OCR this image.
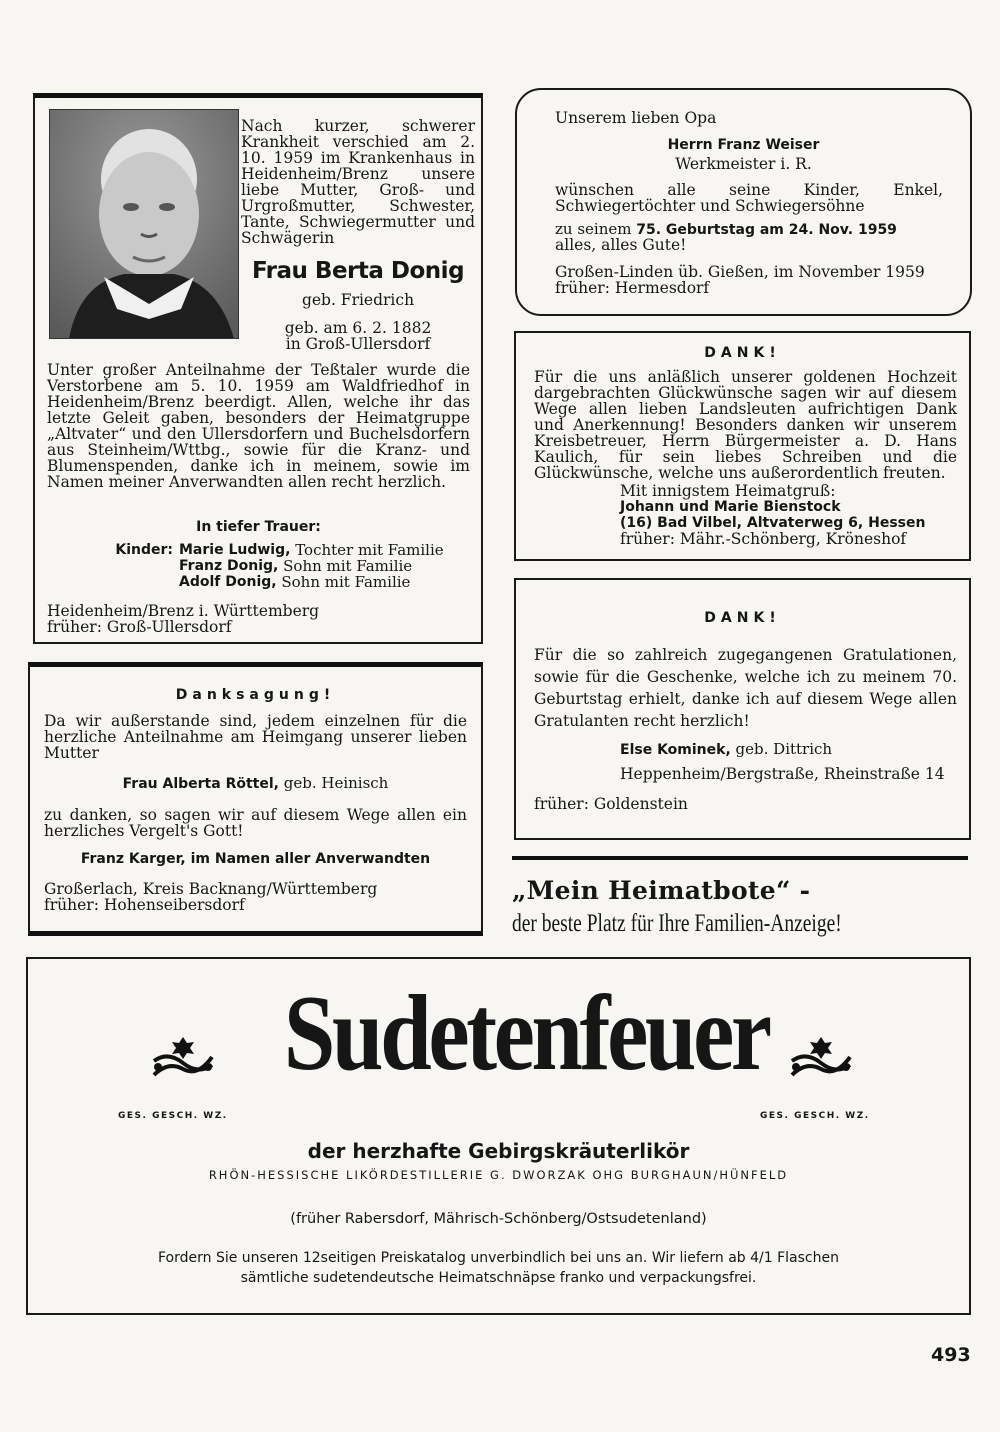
Nach kurzer, schwerer Krankheit verschied am 2. 10. 1959 im Krankenhaus in Heidenheim/Brenz unsere liebe Mutter, Groß- und Urgroßmutter, Schwester, Tante, Schwiegermutter und Schwägerin

Frau Berta Donig

geb. Friedrich

geb. am 6. 2. 1882
in Groß-Ullersdorf

Unter großer Anteilnahme der Teßtaler wurde die Verstorbene am 5. 10. 1959 am Waldfriedhof in Heidenheim/Brenz beerdigt. Allen, welche ihr das letzte Geleit gaben, besonders der Heimatgruppe „Altvater“ und den Ullersdorfern und Buchelsdorfern aus Steinheim/Wttbg., sowie für die Kranz- und Blumenspenden, danke ich in meinem, sowie im Namen meiner Anverwandten allen recht herzlich.

In tiefer Trauer:

Kinder: Marie Ludwig,
Tochter mit Familie
Franz Donig,
Sohn mit Familie
Adolf Donig,
Sohn mit Familie
Heidenheim/Brenz i. Württemberg
früher: Groß-Ullersdorf

Danksagung!

Da wir außerstande sind, jedem einzelnen für die herzliche Anteilnahme am Heimgang unserer lieben Mutter

Frau Alberta Röttel, geb. Heinisch

zu danken, so sagen wir auf diesem Wege allen ein herzliches Vergelt's Gott!

Franz Karger, im Namen aller Anverwandten

Großerlach, Kreis Backnang/Württemberg
früher: Hohenseibersdorf

Unserem lieben Opa

Herrn Franz Weiser

Werkmeister i. R.

wünschen alle seine Kinder, Enkel, Schwiegertöchter und Schwiegersöhne

zu seinem 75. Geburtstag am 24. Nov. 1959

alles, alles Gute!

Großen-Linden üb. Gießen, im November 1959
früher: Hermesdorf

DANK!

Für die uns anläßlich unserer goldenen Hochzeit dargebrachten Glückwünsche sagen wir auf diesem Wege allen lieben Landsleuten aufrichtigen Dank und Anerkennung! Besonders danken wir unserem Kreisbetreuer, Herrn Bürgermeister a. D. Hans Kaulich, für sein liebes Schreiben und die Glückwünsche, welche uns außerordentlich freuten.

Mit innigstem Heimatgruß:
Johann und Marie Bienstock
(16) Bad Vilbel, Altvaterweg 6, Hessen
früher: Mähr.-Schönberg, Kröneshof

DANK!

Für die so zahlreich zugegangenen Gratulationen, sowie für die Geschenke, welche ich zu meinem 70. Geburtstag erhielt, danke ich auf diesem Wege allen Gratulanten recht herzlich!

Else Kominek, geb. Dittrich

Heppenheim/Bergstraße, Rheinstraße 14

früher: Goldenstein

„Mein Heimatbote“ -
der beste Platz für Ihre Familien-Anzeige!
Sudetenfeuer
GES. GESCH. WZ.	GES. GESCH. WZ.
der herzhafte Gebirgskräuterlikör
RHÖN-HESSISCHE LIKÖRDESTILLERIE G. DWORZAK OHG BURGHAUN/HÜNFELD
(früher Rabersdorf, Mährisch-Schönberg/Ostsudetenland)
Fordern Sie unseren 12seitigen Preiskatalog unverbindlich bei uns an. Wir liefern ab 4/1 Flaschen
sämtliche sudetendeutsche Heimatschnäpse franko und verpackungsfrei.
493
